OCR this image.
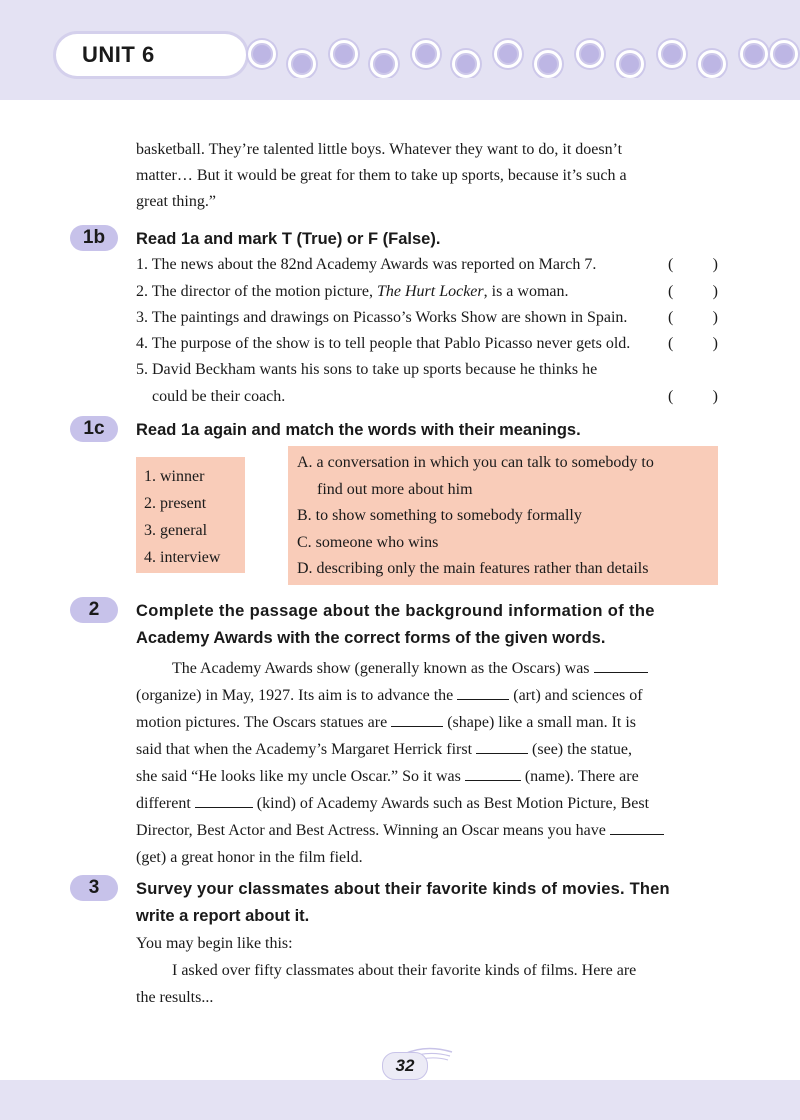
UNIT 6

basketball. They’re talented little boys. Whatever they want to do, it doesn’t

matter… But it would be great for them to take up sports, because it’s such a

great thing.”

1b	Read 1a and mark T (True) or F (False).

1. The news about the 82nd Academy Awards was reported on March 7.	( )
2. The director of the motion picture, The Hurt Locker, is a woman.	( )
3. The paintings and drawings on Picasso’s Works Show are shown in Spain.	( )
4. The purpose of the show is to tell people that Pablo Picasso never gets old.	( )
5. David Beckham wants his sons to take up sports because he thinks he
could be their coach.	( )
1c	Read 1a again and match the words with their meanings.

1. winner
2. present
3. general
4. interview
A. a conversation in which you can talk to somebody to
find out more about him
B. to show something to somebody formally
C. someone who wins
D. describing only the main features rather than details
2	Complete the passage about the background information of the

Academy Awards with the correct forms of the given words.

The Academy Awards show (generally known as the Oscars) was
(organize) in May, 1927. Its aim is to advance the	(art) and sciences of
motion pictures. The Oscars statues are	(shape) like a small man. It is
said that when the Academy’s Margaret Herrick first	(see) the statue,
she said “He looks like my uncle Oscar.” So it was	(name). There are
different	(kind) of Academy Awards such as Best Motion Picture, Best
Director, Best Actor and Best Actress. Winning an Oscar means you have
(get) a great honor in the film field.
3	Survey your classmates about their favorite kinds of movies. Then

write a report about it.

You may begin like this:

I asked over fifty classmates about their favorite kinds of films. Here are

the results...

32
